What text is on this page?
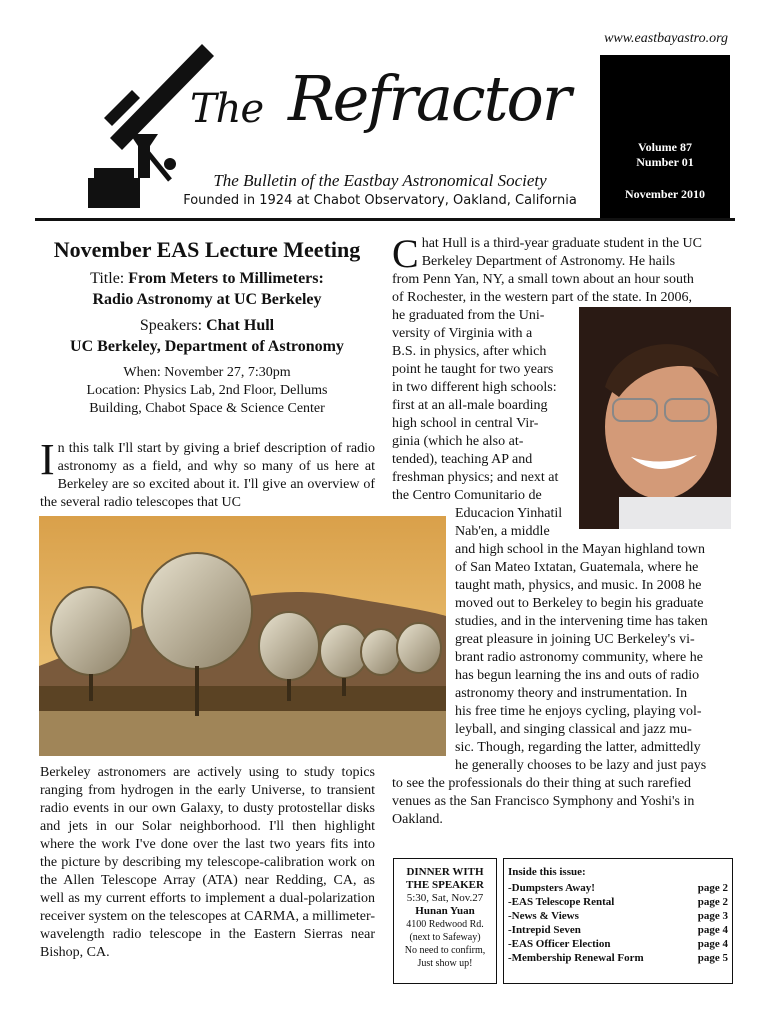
www.eastbayastro.org
The Refractor
The Bulletin of the Eastbay Astronomical Society
Founded in 1924 at Chabot Observatory, Oakland, California
Volume 87
Number 01
November 2010
November EAS Lecture Meeting
Title: From Meters to Millimeters:
Radio Astronomy at UC Berkeley
Speakers: Chat Hull
UC Berkeley, Department of Astronomy
When: November 27, 7:30pm
Location: Physics Lab, 2nd Floor, Dellums
Building, Chabot Space & Science Center
In this talk I'll start by giving a brief description of radio astronomy as a field, and why so many of us here at Berkeley are so excited about it. I'll give an overview of the several radio telescopes that UC
Berkeley astronomers are actively using to study topics ranging from hydrogen in the early Universe, to transient radio events in our own Galaxy, to dusty protostellar disks and jets in our Solar neighborhood. I'll then highlight where the work I've done over the last two years fits into the picture by describing my telescope-calibration work on the Allen Telescope Array (ATA) near Redding, CA, as well as my current efforts to implement a dual-polarization receiver system on the telescopes at CARMA, a millimeter-wavelength radio telescope in the Eastern Sierras near Bishop, CA.
C hat Hull is a third-year graduate student in the UC
Berkeley Department of Astronomy. He hails
from Penn Yan, NY, a small town about an hour south
of Rochester, in the western part of the state. In 2006,
he graduated from the Uni-
versity of Virginia with a
B.S. in physics, after which
point he taught for two years
in two different high schools:
first at an all-male boarding
high school in central Vir-
ginia (which he also at-
tended), teaching AP and
freshman physics; and next at
the Centro Comunitario de
Educacion Yinhatil
Nab'en, a middle
and high school in the Mayan highland town
of San Mateo Ixtatan, Guatemala, where he
taught math, physics, and music. In 2008 he
moved out to Berkeley to begin his graduate
studies, and in the intervening time has taken
great pleasure in joining UC Berkeley's vi-
brant radio astronomy community, where he
has begun learning the ins and outs of radio
astronomy theory and instrumentation. In
his free time he enjoys cycling, playing vol-
leyball, and singing classical and jazz mu-
sic. Though, regarding the latter, admittedly
he generally chooses to be lazy and just pays
to see the professionals do their thing at such rarefied
venues as the San Francisco Symphony and Yoshi's in
Oakland.
DINNER WITH
THE SPEAKER
5:30, Sat, Nov.27
Hunan Yuan
4100 Redwood Rd.
(next to Safeway)
No need to confirm,
Just show up!
Inside this issue:
-Dumpsters Away!	page 2
-EAS Telescope Rental	page 2
-News & Views	page 3
-Intrepid Seven	page 4
-EAS Officer Election	page 4
-Membership Renewal Form	page 5
